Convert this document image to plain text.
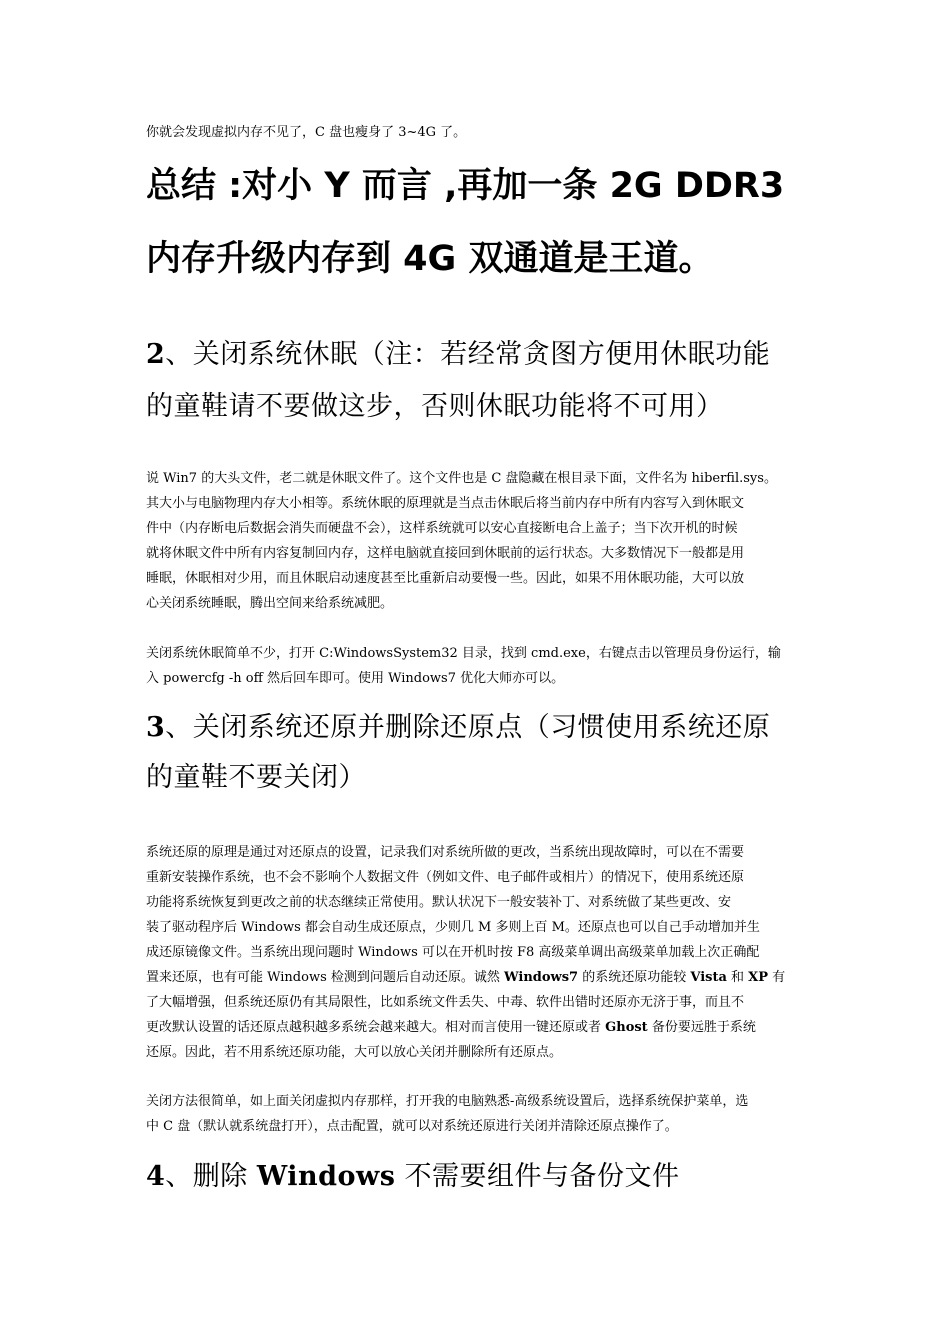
你就会发现虚拟内存不见了，C 盘也瘦身了 3~4G 了。
总结 :对小 Y 而言 ,再加一条 2G DDR3
内存升级内存到 4G 双通道是王道。
2、关闭系统休眠（注：若经常贪图方便用休眠功能
的童鞋请不要做这步，否则休眠功能将不可用）

说 Win7 的大头文件，老二就是休眠文件了。这个文件也是 C 盘隐藏在根目录下面，文件名为 hiberfil.sys。

其大小与电脑物理内存大小相等。系统休眠的原理就是当点击休眠后将当前内存中所有内容写入到休眠文

件中（内存断电后数据会消失而硬盘不会），这样系统就可以安心直接断电合上盖子；当下次开机的时候

就将休眠文件中所有内容复制回内存，这样电脑就直接回到休眠前的运行状态。大多数情况下一般都是用

睡眠，休眠相对少用，而且休眠启动速度甚至比重新启动要慢一些。因此，如果不用休眠功能，大可以放

心关闭系统睡眠，腾出空间来给系统减肥。

关闭系统休眠简单不少，打开 C:WindowsSystem32 目录，找到 cmd.exe，右键点击以管理员身份运行，输

入 powercfg -h off 然后回车即可。使用 Windows7 优化大师亦可以。

3、关闭系统还原并删除还原点（习惯使用系统还原
的童鞋不要关闭）

系统还原的原理是通过对还原点的设置，记录我们对系统所做的更改，当系统出现故障时，可以在不需要

重新安装操作系统，也不会不影响个人数据文件（例如文件、电子邮件或相片）的情况下，使用系统还原

功能将系统恢复到更改之前的状态继续正常使用。默认状况下一般安装补丁、对系统做了某些更改、安

装了驱动程序后 Windows 都会自动生成还原点，少则几 M 多则上百 M。还原点也可以自己手动增加并生

成还原镜像文件。当系统出现问题时 Windows 可以在开机时按 F8 高级菜单调出高级菜单加载上次正确配

置来还原，也有可能 Windows 检测到问题后自动还原。诚然 Windows7 的系统还原功能较 Vista 和 XP 有

了大幅增强，但系统还原仍有其局限性，比如系统文件丢失、中毒、软件出错时还原亦无济于事，而且不

更改默认设置的话还原点越积越多系统会越来越大。相对而言使用一键还原或者 Ghost 备份要远胜于系统

还原。因此，若不用系统还原功能，大可以放心关闭并删除所有还原点。

关闭方法很简单，如上面关闭虚拟内存那样，打开我的电脑熟悉-高级系统设置后，选择系统保护菜单，选

中 C 盘（默认就系统盘打开），点击配置，就可以对系统还原进行关闭并清除还原点操作了。

4、删除 Windows 不需要组件与备份文件
